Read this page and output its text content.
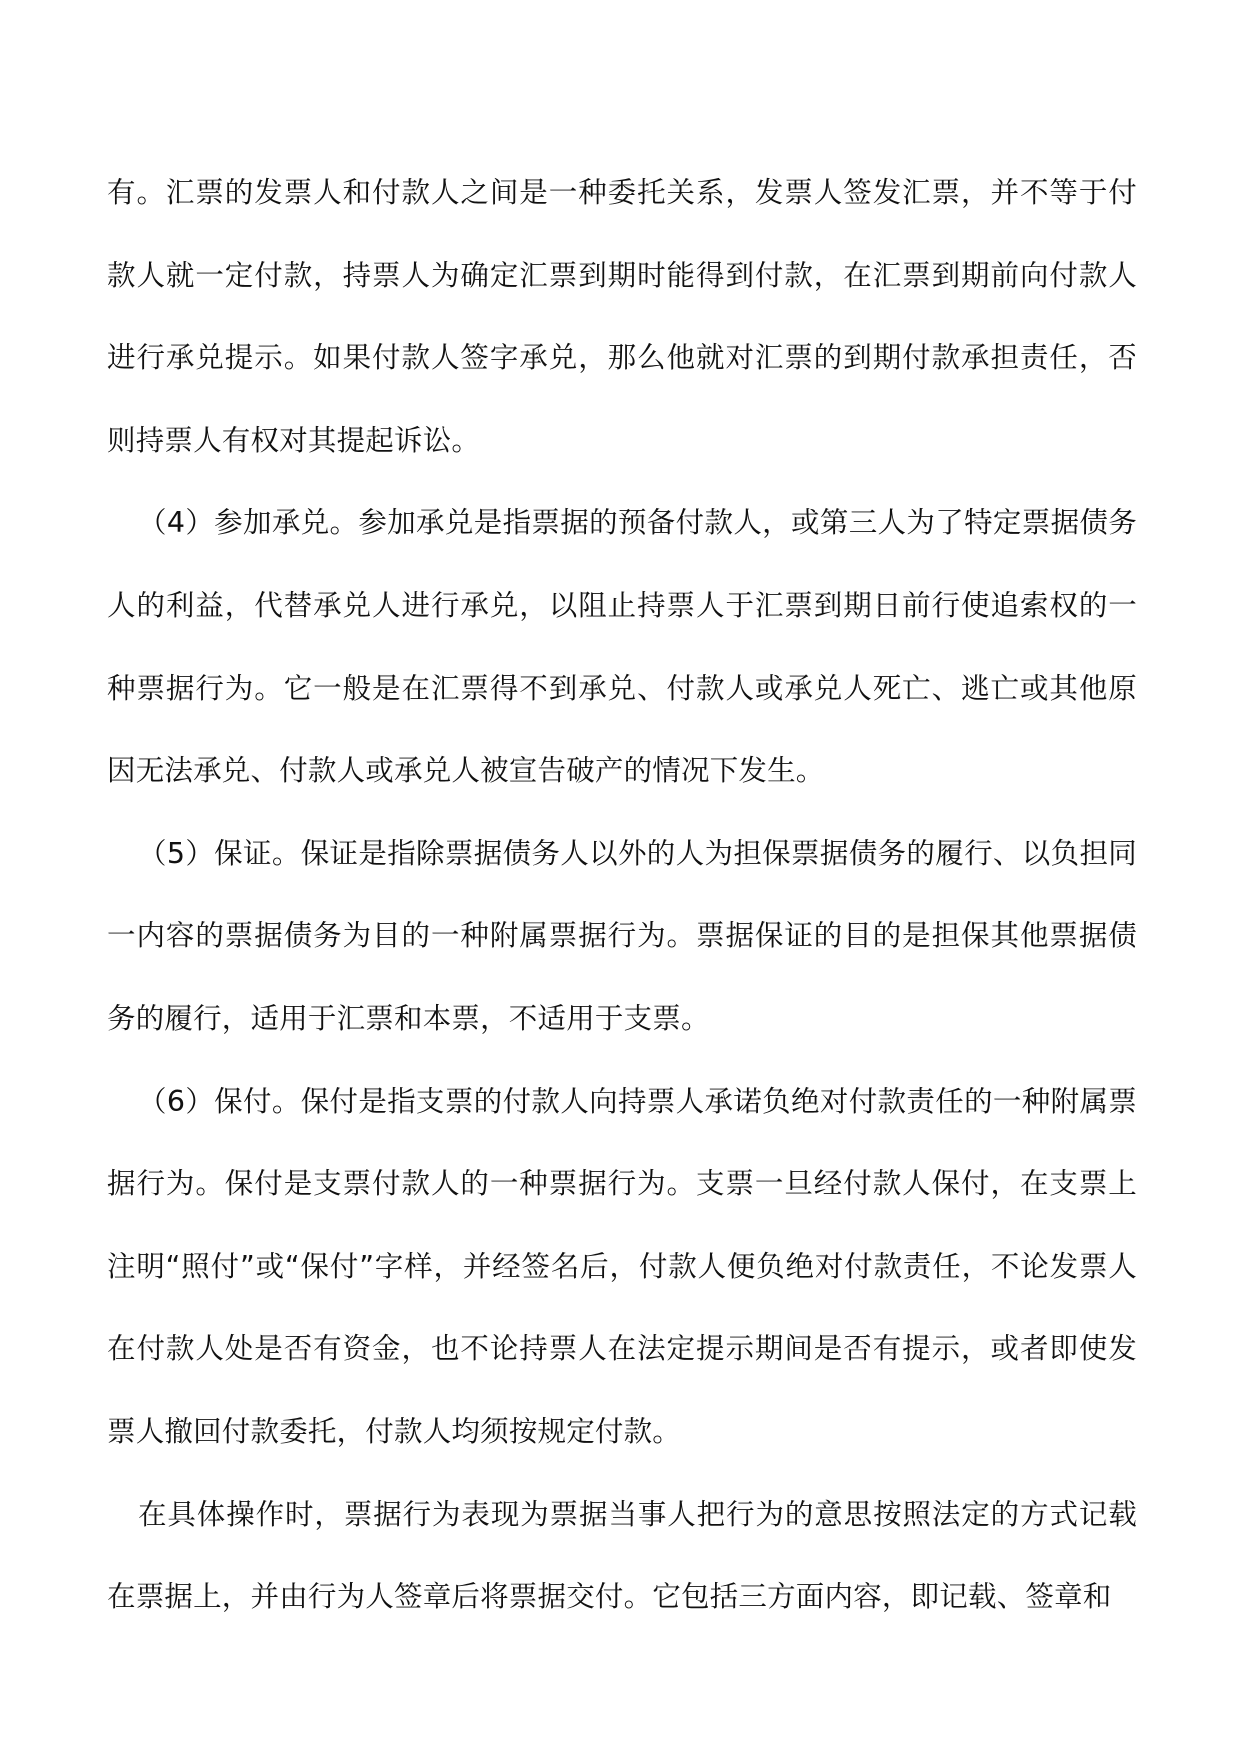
有。汇票的发票人和付款人之间是一种委托关系，发票人签发汇票，并不等于付款人就一定付款，持票人为确定汇票到期时能得到付款，在汇票到期前向付款人进行承兑提示。如果付款人签字承兑，那么他就对汇票的到期付款承担责任，否则持票人有权对其提起诉讼。

（4）参加承兑。参加承兑是指票据的预备付款人，或第三人为了特定票据债务人的利益，代替承兑人进行承兑，以阻止持票人于汇票到期日前行使追索权的一种票据行为。它一般是在汇票得不到承兑、付款人或承兑人死亡、逃亡或其他原因无法承兑、付款人或承兑人被宣告破产的情况下发生。

（5）保证。保证是指除票据债务人以外的人为担保票据债务的履行、以负担同一内容的票据债务为目的一种附属票据行为。票据保证的目的是担保其他票据债务的履行，适用于汇票和本票，不适用于支票。

（6）保付。保付是指支票的付款人向持票人承诺负绝对付款责任的一种附属票据行为。保付是支票付款人的一种票据行为。支票一旦经付款人保付，在支票上注明“照付”或“保付”字样，并经签名后，付款人便负绝对付款责任，不论发票人在付款人处是否有资金，也不论持票人在法定提示期间是否有提示，或者即使发票人撤回付款委托，付款人均须按规定付款。

在具体操作时，票据行为表现为票据当事人把行为的意思按照法定的方式记载在票据上，并由行为人签章后将票据交付。它包括三方面内容，即记载、签章和
